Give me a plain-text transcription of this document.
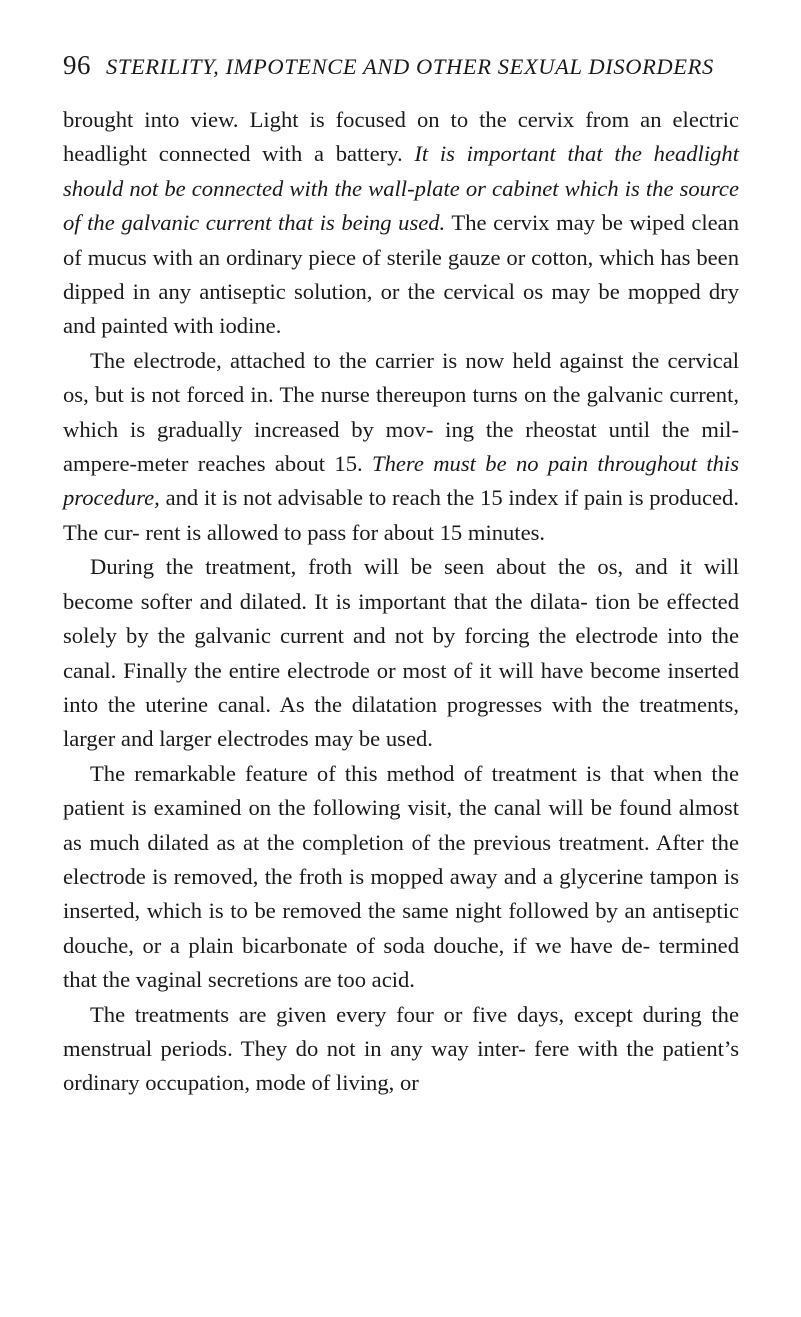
96 STERILITY, IMPOTENCE AND OTHER SEXUAL DISORDERS

brought into view. Light is focused on to the cervix from an electric headlight connected with a battery. It is important that the headlight should not be connected with the wall-plate or cabinet which is the source of the galvanic current that is being used. The cervix may be wiped clean of mucus with an ordinary piece of sterile gauze or cotton, which has been dipped in any antiseptic solution, or the cervical os may be mopped dry and painted with iodine.

The electrode, attached to the carrier is now held against the cervical os, but is not forced in. The nurse thereupon turns on the galvanic current, which is gradually increased by mov- ing the rheostat until the mil-ampere-meter reaches about 15. There must be no pain throughout this procedure, and it is not advisable to reach the 15 index if pain is produced. The cur- rent is allowed to pass for about 15 minutes.

During the treatment, froth will be seen about the os, and it will become softer and dilated. It is important that the dilata- tion be effected solely by the galvanic current and not by forcing the electrode into the canal. Finally the entire electrode or most of it will have become inserted into the uterine canal. As the dilatation progresses with the treatments, larger and larger electrodes may be used.

The remarkable feature of this method of treatment is that when the patient is examined on the following visit, the canal will be found almost as much dilated as at the completion of the previous treatment. After the electrode is removed, the froth is mopped away and a glycerine tampon is inserted, which is to be removed the same night followed by an antiseptic douche, or a plain bicarbonate of soda douche, if we have de- termined that the vaginal secretions are too acid.

The treatments are given every four or five days, except during the menstrual periods. They do not in any way inter- fere with the patient’s ordinary occupation, mode of living, or
